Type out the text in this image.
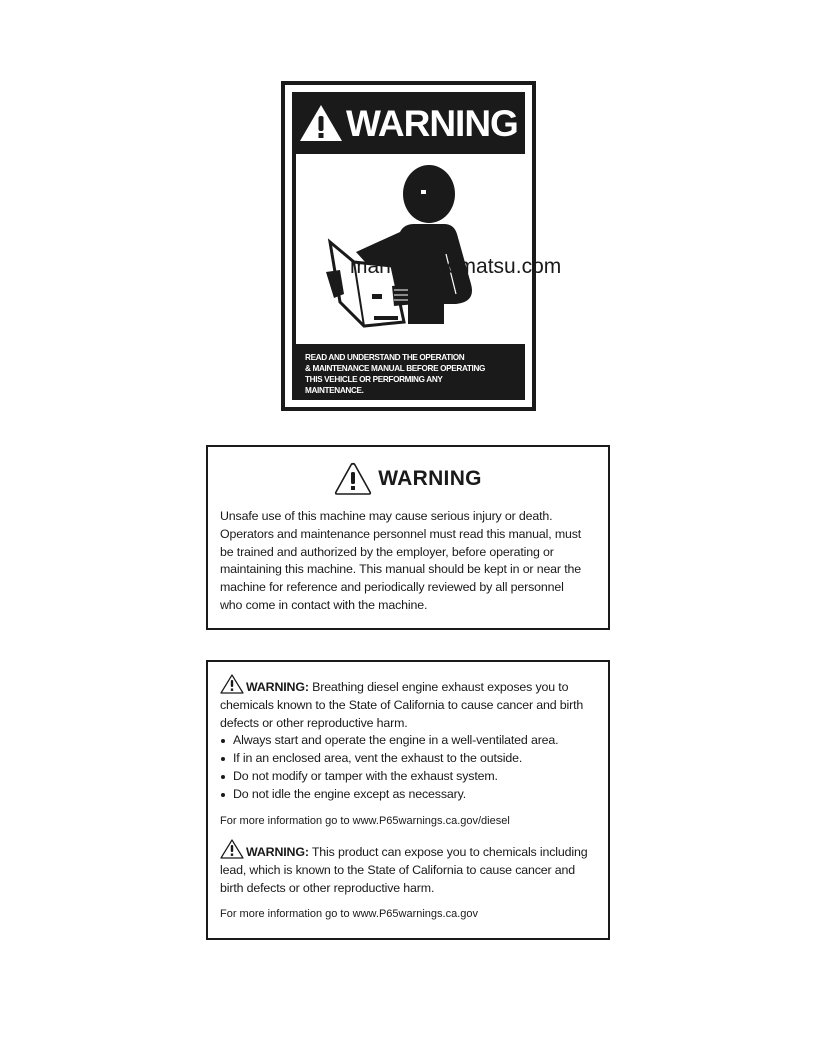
WARNING
READ AND UNDERSTAND THE OPERATION
& MAINTENANCE MANUAL BEFORE OPERATING
THIS VEHICLE OR PERFORMING ANY
MAINTENANCE.
manuals-komatsu.com
WARNING
Unsafe use of this machine may cause serious injury or death.
Operators and maintenance personnel must read this manual, must
be trained and authorized by the employer, before operating or
maintaining this machine. This manual should be kept in or near the
machine for reference and periodically reviewed by all personnel
who come in contact with the machine.
WARNING: Breathing diesel engine exhaust exposes you to
chemicals known to the State of California to cause cancer and birth
defects or other reproductive harm.
Always start and operate the engine in a well-ventilated area.
If in an enclosed area, vent the exhaust to the outside.
Do not modify or tamper with the exhaust system.
Do not idle the engine except as necessary.
For more information go to www.P65warnings.ca.gov/diesel
WARNING: This product can expose you to chemicals including
lead, which is known to the State of California to cause cancer and
birth defects or other reproductive harm.
For more information go to www.P65warnings.ca.gov
